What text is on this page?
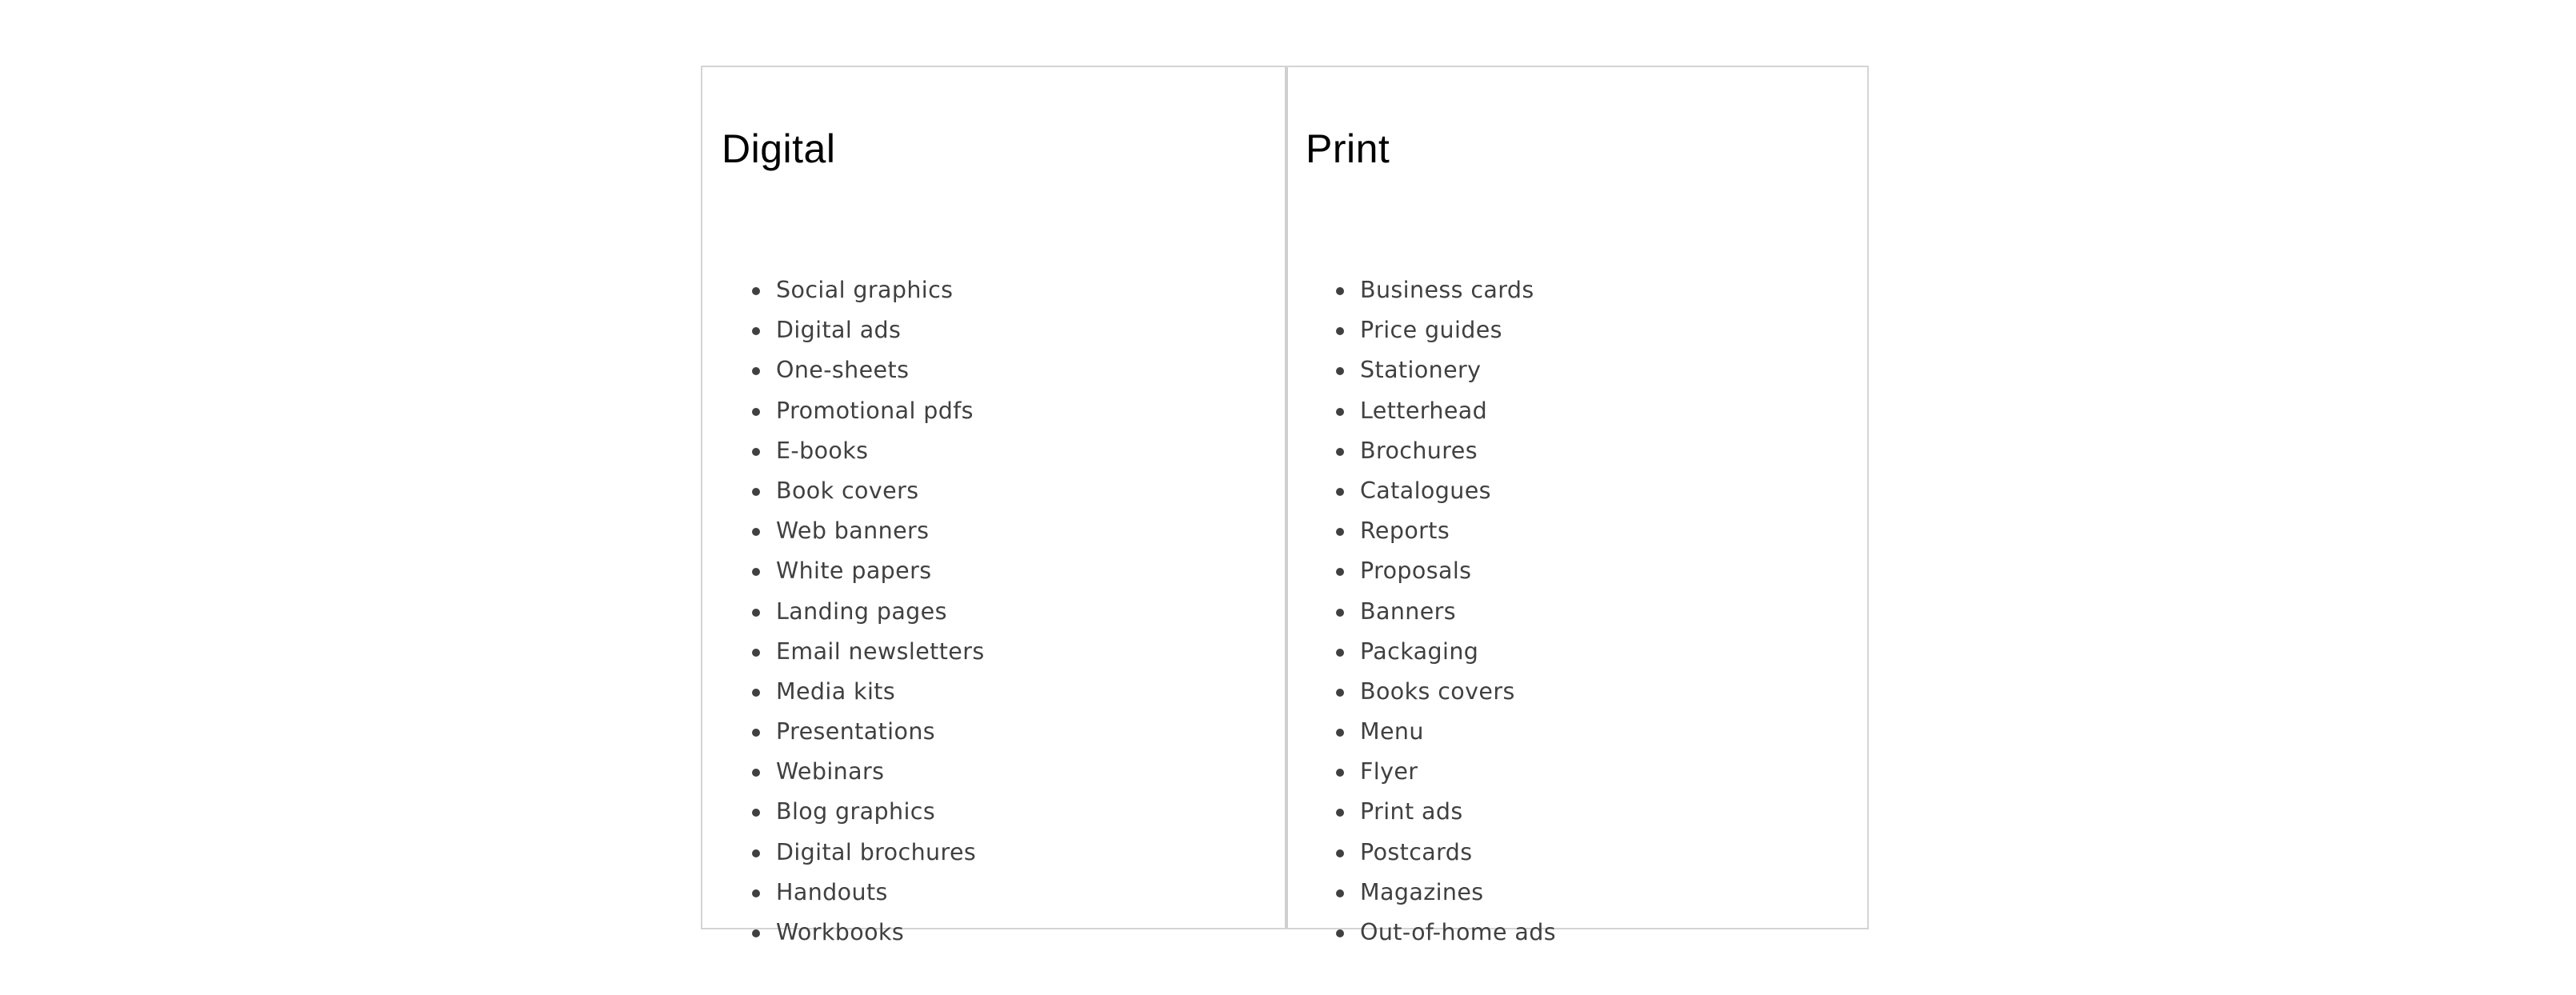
Digital
Social graphics
Digital ads
One-sheets
Promotional pdfs
E-books
Book covers
Web banners
White papers
Landing pages
Email newsletters
Media kits
Presentations
Webinars
Blog graphics
Digital brochures
Handouts
Workbooks
Print
Business cards
Price guides
Stationery
Letterhead
Brochures
Catalogues
Reports
Proposals
Banners
Packaging
Books covers
Menu
Flyer
Print ads
Postcards
Magazines
Out-of-home ads
